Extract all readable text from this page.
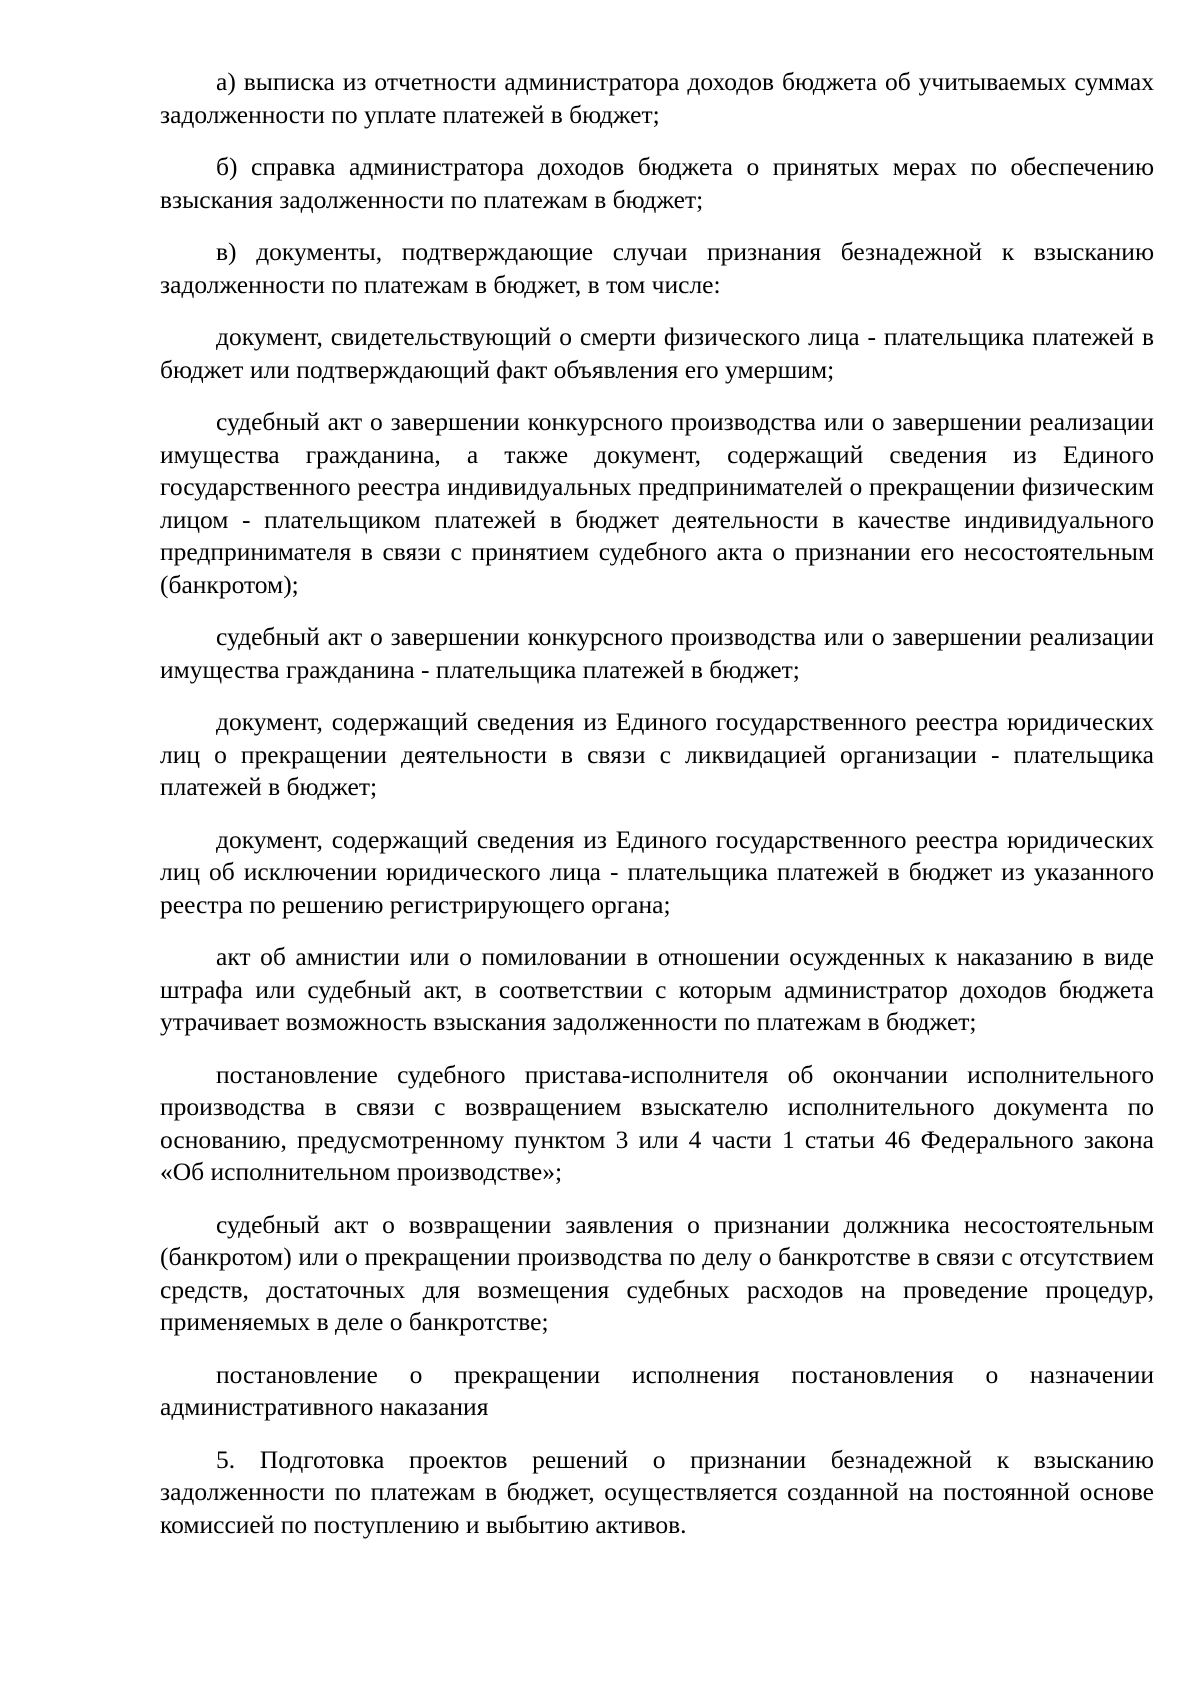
а) выписка из отчетности администратора доходов бюджета об учитываемых суммах задолженности по уплате платежей в бюджет;

б) справка администратора доходов бюджета о принятых мерах по обеспечению взыскания задолженности по платежам в бюджет;

в) документы, подтверждающие случаи признания безнадежной к взысканию задолженности по платежам в бюджет, в том числе:

документ, свидетельствующий о смерти физического лица - плательщика платежей в бюджет или подтверждающий факт объявления его умершим;

судебный акт о завершении конкурсного производства или о завершении реализации имущества гражданина, а также документ, содержащий сведения из Единого государственного реестра индивидуальных предпринимателей о прекращении физическим лицом - плательщиком платежей в бюджет деятельности в качестве индивидуального предпринимателя в связи с принятием судебного акта о признании его несостоятельным (банкротом);

судебный акт о завершении конкурсного производства или о завершении реализации имущества гражданина - плательщика платежей в бюджет;

документ, содержащий сведения из Единого государственного реестра юридических лиц о прекращении деятельности в связи с ликвидацией организации - плательщика платежей в бюджет;

документ, содержащий сведения из Единого государственного реестра юридических лиц об исключении юридического лица - плательщика платежей в бюджет из указанного реестра по решению регистрирующего органа;

акт об амнистии или о помиловании в отношении осужденных к наказанию в виде штрафа или судебный акт, в соответствии с которым администратор доходов бюджета утрачивает возможность взыскания задолженности по платежам в бюджет;

постановление судебного пристава-исполнителя об окончании исполнительного производства в связи с возвращением взыскателю исполнительного документа по основанию, предусмотренному пунктом 3 или 4 части 1 статьи 46 Федерального закона «Об исполнительном производстве»;

судебный акт о возвращении заявления о признании должника несостоятельным (банкротом) или о прекращении производства по делу о банкротстве в связи с отсутствием средств, достаточных для возмещения судебных расходов на проведение процедур, применяемых в деле о банкротстве;

постановление о прекращении исполнения постановления о назначении административного наказания

5. Подготовка проектов решений о признании безнадежной к взысканию задолженности по платежам в бюджет, осуществляется созданной на постоянной основе комиссией по поступлению и выбытию активов.
